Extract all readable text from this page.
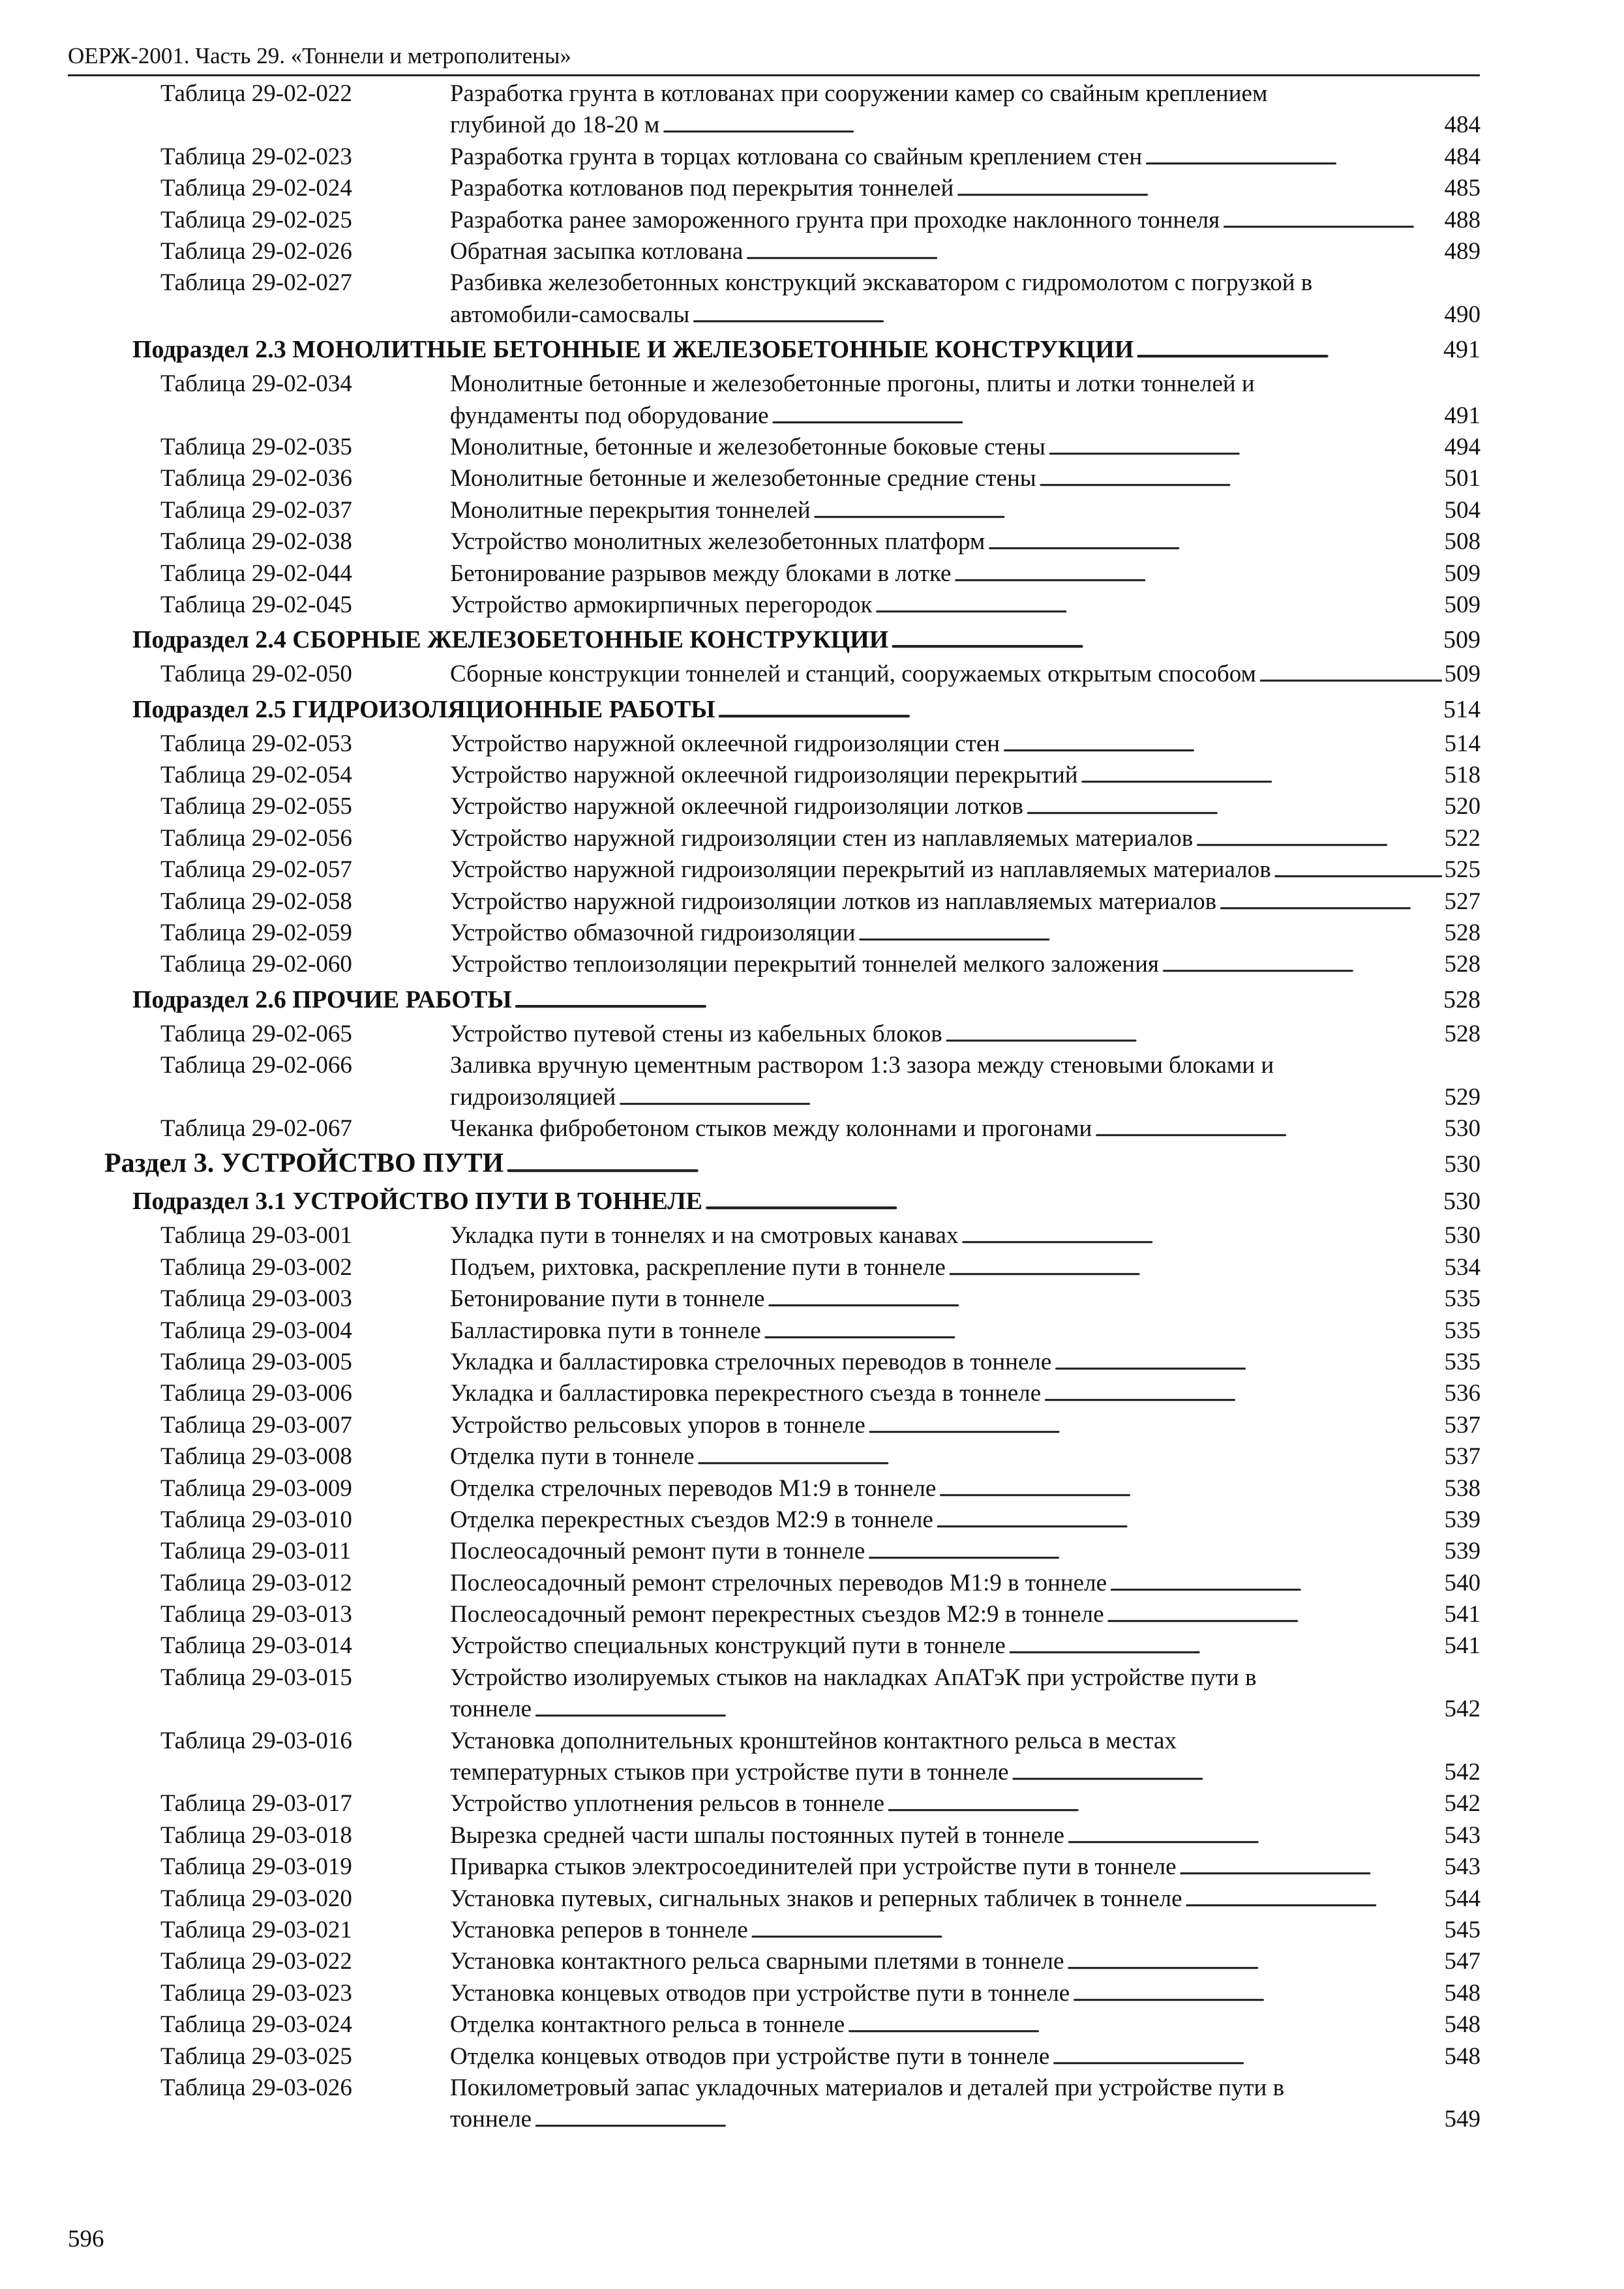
ОЕРЖ-2001. Часть 29. «Тоннели и метрополитены»
Таблица 29-02-022	Разработка грунта в котлованах при сооружении камер со свайным креплением
глубиной до 18-20 м . . .	484
Таблица 29-02-023	Разработка грунта в торцах котлована со свайным креплением стен . . .	484
Таблица 29-02-024	Разработка котлованов под перекрытия тоннелей . . .	485
Таблица 29-02-025	Разработка ранее замороженного грунта при проходке наклонного тоннеля . . .	488
Таблица 29-02-026	Обратная засыпка котлована . . .	489
Таблица 29-02-027	Разбивка железобетонных конструкций экскаватором с гидромолотом с погрузкой в
автомобили-самосвалы . . .	490
Подраздел 2.3 МОНОЛИТНЫЕ БЕТОННЫЕ И ЖЕЛЕЗОБЕТОННЫЕ КОНСТРУКЦИИ . . .	491
Таблица 29-02-034	Монолитные бетонные и железобетонные прогоны, плиты и лотки тоннелей и
фундаменты под оборудование . . .	491
Таблица 29-02-035	Монолитные, бетонные и железобетонные боковые стены . . .	494
Таблица 29-02-036	Монолитные бетонные и железобетонные средние стены . . .	501
Таблица 29-02-037	Монолитные перекрытия тоннелей . . .	504
Таблица 29-02-038	Устройство монолитных железобетонных платформ . . .	508
Таблица 29-02-044	Бетонирование разрывов между блоками в лотке . . .	509
Таблица 29-02-045	Устройство армокирпичных перегородок . . .	509
Подраздел 2.4 СБОРНЫЕ ЖЕЛЕЗОБЕТОННЫЕ КОНСТРУКЦИИ . . .	509
Таблица 29-02-050	Сборные конструкции тоннелей и станций, сооружаемых открытым способом . . .	509
Подраздел 2.5 ГИДРОИЗОЛЯЦИОННЫЕ РАБОТЫ . . .	514
Таблица 29-02-053	Устройство наружной оклеечной гидроизоляции стен . . .	514
Таблица 29-02-054	Устройство наружной оклеечной гидроизоляции перекрытий . . .	518
Таблица 29-02-055	Устройство наружной оклеечной гидроизоляции лотков . . .	520
Таблица 29-02-056	Устройство наружной гидроизоляции стен из наплавляемых материалов . . .	522
Таблица 29-02-057	Устройство наружной гидроизоляции перекрытий из наплавляемых материалов . . .	525
Таблица 29-02-058	Устройство наружной гидроизоляции лотков из наплавляемых материалов . . .	527
Таблица 29-02-059	Устройство обмазочной гидроизоляции . . .	528
Таблица 29-02-060	Устройство теплоизоляции перекрытий тоннелей мелкого заложения . . .	528
Подраздел 2.6 ПРОЧИЕ РАБОТЫ . . .	528
Таблица 29-02-065	Устройство путевой стены из кабельных блоков . . .	528
Таблица 29-02-066	Заливка вручную цементным раствором 1:3 зазора между стеновыми блоками и
гидроизоляцией . . .	529
Таблица 29-02-067	Чеканка фибробетоном стыков между колоннами и прогонами . . .	530
Раздел 3. УСТРОЙСТВО ПУТИ . . .	530
Подраздел 3.1 УСТРОЙСТВО ПУТИ В ТОННЕЛЕ . . .	530
Таблица 29-03-001	Укладка пути в тоннелях и на смотровых канавах . . .	530
Таблица 29-03-002	Подъем, рихтовка, раскрепление пути в тоннеле . . .	534
Таблица 29-03-003	Бетонирование пути в тоннеле . . .	535
Таблица 29-03-004	Балластировка пути в тоннеле . . .	535
Таблица 29-03-005	Укладка и балластировка стрелочных переводов в тоннеле . . .	535
Таблица 29-03-006	Укладка и балластировка перекрестного съезда в тоннеле . . .	536
Таблица 29-03-007	Устройство рельсовых упоров в тоннеле . . .	537
Таблица 29-03-008	Отделка пути в тоннеле . . .	537
Таблица 29-03-009	Отделка стрелочных переводов М1:9 в тоннеле . . .	538
Таблица 29-03-010	Отделка перекрестных съездов М2:9 в тоннеле . . .	539
Таблица 29-03-011	Послеосадочный ремонт пути в тоннеле . . .	539
Таблица 29-03-012	Послеосадочный ремонт стрелочных переводов М1:9 в тоннеле . . .	540
Таблица 29-03-013	Послеосадочный ремонт перекрестных съездов М2:9 в тоннеле . . .	541
Таблица 29-03-014	Устройство специальных конструкций пути в тоннеле . . .	541
Таблица 29-03-015	Устройство изолируемых стыков на накладках АпАТэК при устройстве пути в
тоннеле . . .	542
Таблица 29-03-016	Установка дополнительных кронштейнов контактного рельса в местах
температурных стыков при устройстве пути в тоннеле . . .	542
Таблица 29-03-017	Устройство уплотнения рельсов в тоннеле . . .	542
Таблица 29-03-018	Вырезка средней части шпалы постоянных путей в тоннеле . . .	543
Таблица 29-03-019	Приварка стыков электросоединителей при устройстве пути в тоннеле . . .	543
Таблица 29-03-020	Установка путевых, сигнальных знаков и реперных табличек в тоннеле . . .	544
Таблица 29-03-021	Установка реперов в тоннеле . . .	545
Таблица 29-03-022	Установка контактного рельса сварными плетями в тоннеле . . .	547
Таблица 29-03-023	Установка концевых отводов при устройстве пути в тоннеле . . .	548
Таблица 29-03-024	Отделка контактного рельса в тоннеле . . .	548
Таблица 29-03-025	Отделка концевых отводов при устройстве пути в тоннеле . . .	548
Таблица 29-03-026	Покилометровый запас укладочных материалов и деталей при устройстве пути в
тоннеле . . .	549
596
